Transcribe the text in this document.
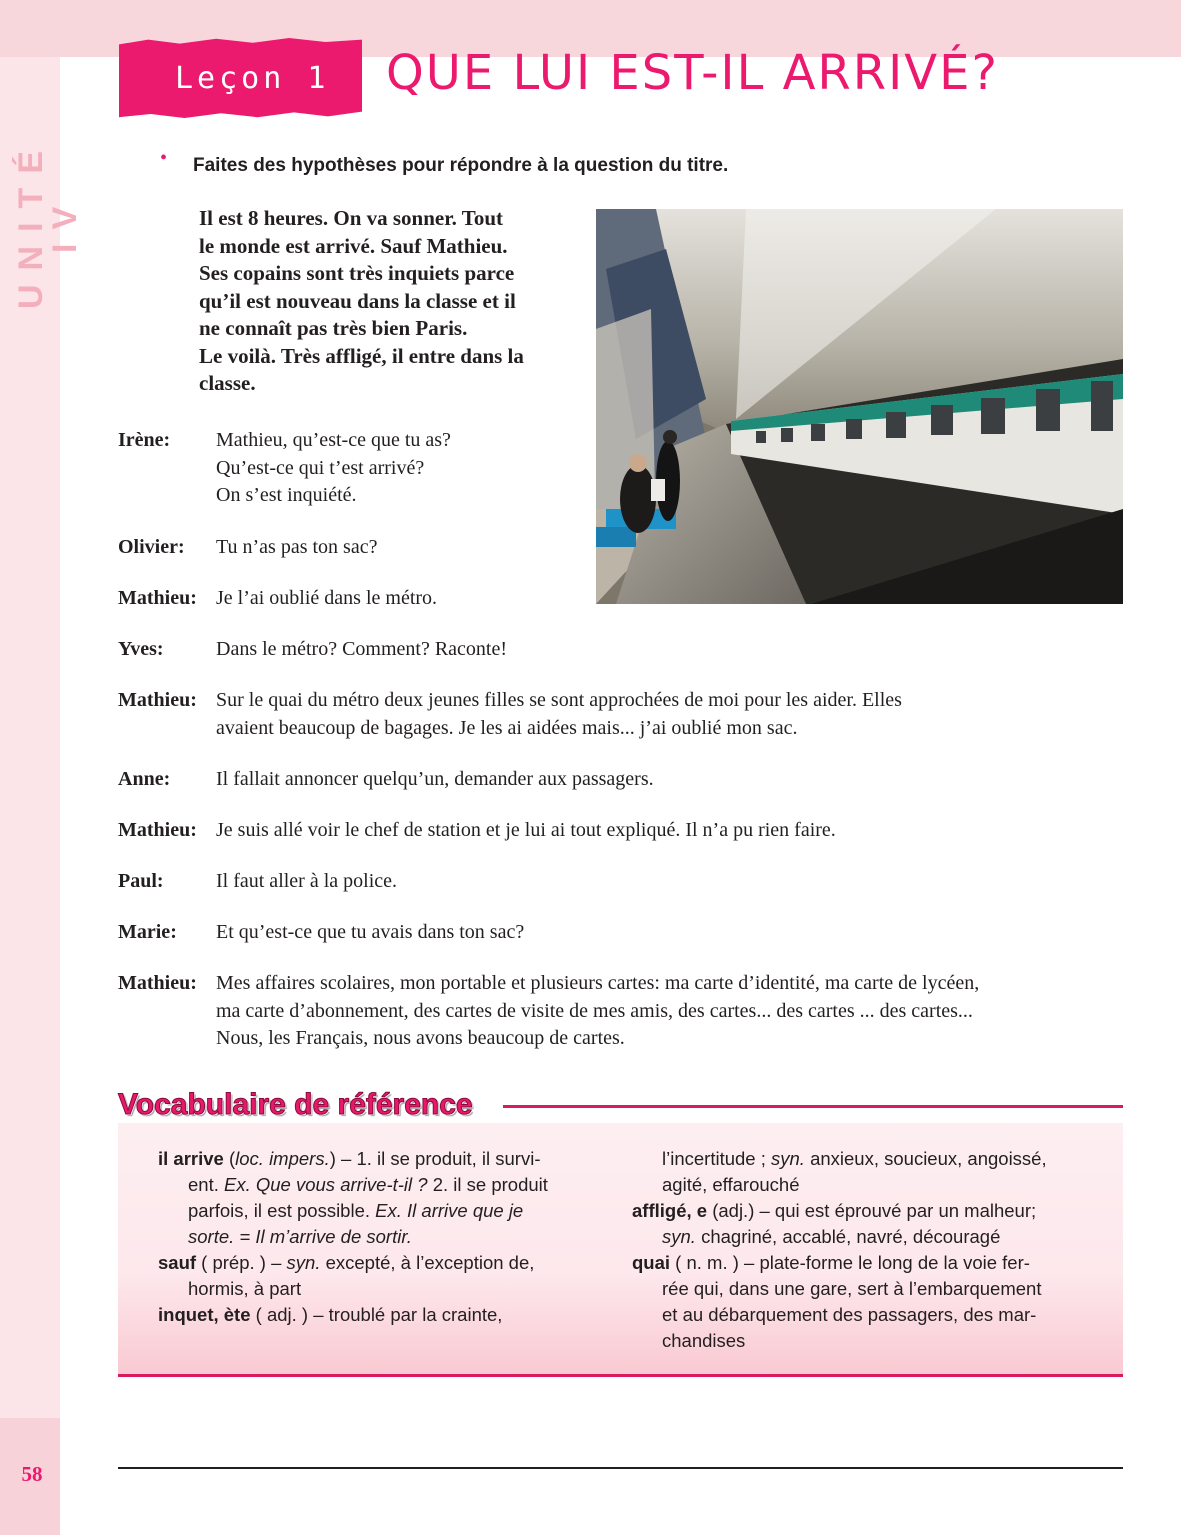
UNITÉ IV
58
Leçon 1 QUE LUI EST-IL ARRIVÉ?
• Faites des hypothèses pour répondre à la question du titre.
Il est 8 heures. On va sonner. Tout
le monde est arrivé. Sauf Mathieu.
Ses copains sont très inquiets parce
qu’il est nouveau dans la classe et il
ne connaît pas très bien Paris.
Le voilà. Très affligé, il entre dans la
classe.
Irène:	Mathieu, qu’est-ce que tu as?
Qu’est-ce qui t’est arrivé?
On s’est inquiété.
Olivier:	Tu n’as pas ton sac?
Mathieu: Je l’ai oublié dans le métro.
Yves:	Dans le métro? Comment? Raconte!
Mathieu: Sur le quai du métro deux jeunes filles se sont approchées de moi pour les aider. Elles
avaient beaucoup de bagages. Je les ai aidées mais... j’ai oublié mon sac.
Anne:	Il fallait annoncer quelqu’un, demander aux passagers.
Mathieu: Je suis allé voir le chef de station et je lui ai tout expliqué. Il n’a pu rien faire.
Paul:	Il faut aller à la police.
Marie:	Et qu’est-ce que tu avais dans ton sac?
Mathieu: Mes affaires scolaires, mon portable et plusieurs cartes: ma carte d’identité, ma carte de lycéen,
ma carte d’abonnement, des cartes de visite de mes amis, des cartes... des cartes ... des cartes...
Nous, les Français, nous avons beaucoup de cartes.
Vocabulaire de référence
il arrive (loc. impers.) – 1. il se produit, il survi-
ent. Ex. Que vous arrive-t-il ? 2. il se produit
parfois, il est possible. Ex. Il arrive que je
sorte. = Il m’arrive de sortir.
sauf ( prép. ) – syn. excepté, à l’exception de,
hormis, à part
inquet, ète ( adj. ) – troublé par la crainte,
l’incertitude ; syn. anxieux, soucieux, angoissé,
agité, effarouché
affligé, e (adj.) – qui est éprouvé par un malheur;
syn. chagriné, accablé, navré, découragé
quai ( n. m. ) – plate-forme le long de la voie fer-
rée qui, dans une gare, sert à l’embarquement
et au débarquement des passagers, des mar-
chandises
